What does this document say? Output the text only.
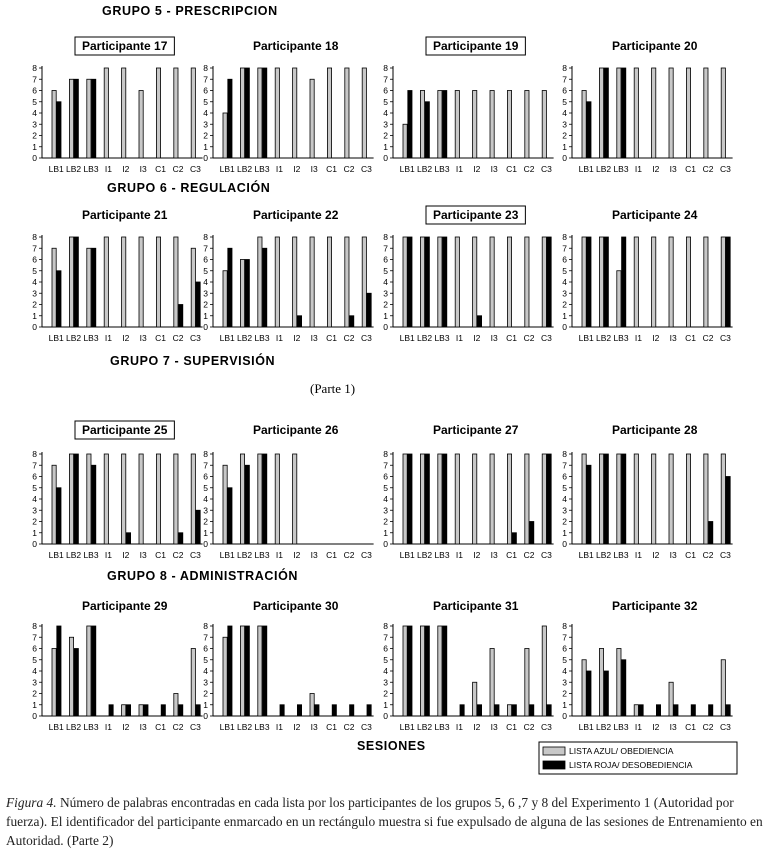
GRUPO 5 - PRESCRIPCION
GRUPO 6 - REGULACIÓN
GRUPO 7 - SUPERVISIÓN
GRUPO 8 - ADMINISTRACIÓN
(Parte 1)
SESIONES
Participante 17
0
1
2
3
4
5
6
7
8
LB1 LB2 LB3 I1 I2 I3 C1 C2 C3
Participante 18
0
1
2
3
4
5
6
7
8
LB1 LB2 LB3 I1 I2 I3 C1 C2 C3
Participante 19
0
1
2
3
4
5
6
7
8
LB1 LB2 LB3 I1 I2 I3 C1 C2 C3
Participante 20
0
1
2
3
4
5
6
7
8
LB1 LB2 LB3 I1 I2 I3 C1 C2 C3
Participante 21
0
1
2
3
4
5
6
7
8
LB1 LB2 LB3 I1 I2 I3 C1 C2 C3
Participante 22
0
1
2
3
4
5
6
7
8
LB1 LB2 LB3 I1 I2 I3 C1 C2 C3
Participante 23
0
1
2
3
4
5
6
7
8
LB1 LB2 LB3 I1 I2 I3 C1 C2 C3
Participante 24
0
1
2
3
4
5
6
7
8
LB1 LB2 LB3 I1 I2 I3 C1 C2 C3
Participante 25
0
1
2
3
4
5
6
7
8
LB1 LB2 LB3 I1 I2 I3 C1 C2 C3
Participante 26
0
1
2
3
4
5
6
7
8
LB1 LB2 LB3 I1 I2 I3 C1 C2 C3
Participante 27
0
1
2
3
4
5
6
7
8
LB1 LB2 LB3 I1 I2 I3 C1 C2 C3
Participante 28
0
1
2
3
4
5
6
7
8
LB1 LB2 LB3 I1 I2 I3 C1 C2 C3
Participante 29
0
1
2
3
4
5
6
7
8
LB1 LB2 LB3 I1 I2 I3 C1 C2 C3
Participante 30
0
1
2
3
4
5
6
7
8
LB1 LB2 LB3 I1 I2 I3 C1 C2 C3
Participante 31
0
1
2
3
4
5
6
7
8
LB1 LB2 LB3 I1 I2 I3 C1 C2 C3
Participante 32
0
1
2
3
4
5
6
7
8
LB1 LB2 LB3 I1 I2 I3 C1 C2 C3
LISTA AZUL/ OBEDIENCIA
LISTA ROJA/ DESOBEDIENCIA
Figura 4. Número de palabras encontradas en cada lista por los participantes de los grupos 5, 6 ,7 y 8 del Experimento 1 (Autoridad por fuerza). El identificador del participante enmarcado en un rectángulo muestra si fue expulsado de alguna de las sesiones de Entrenamiento en Autoridad. (Parte 2)
